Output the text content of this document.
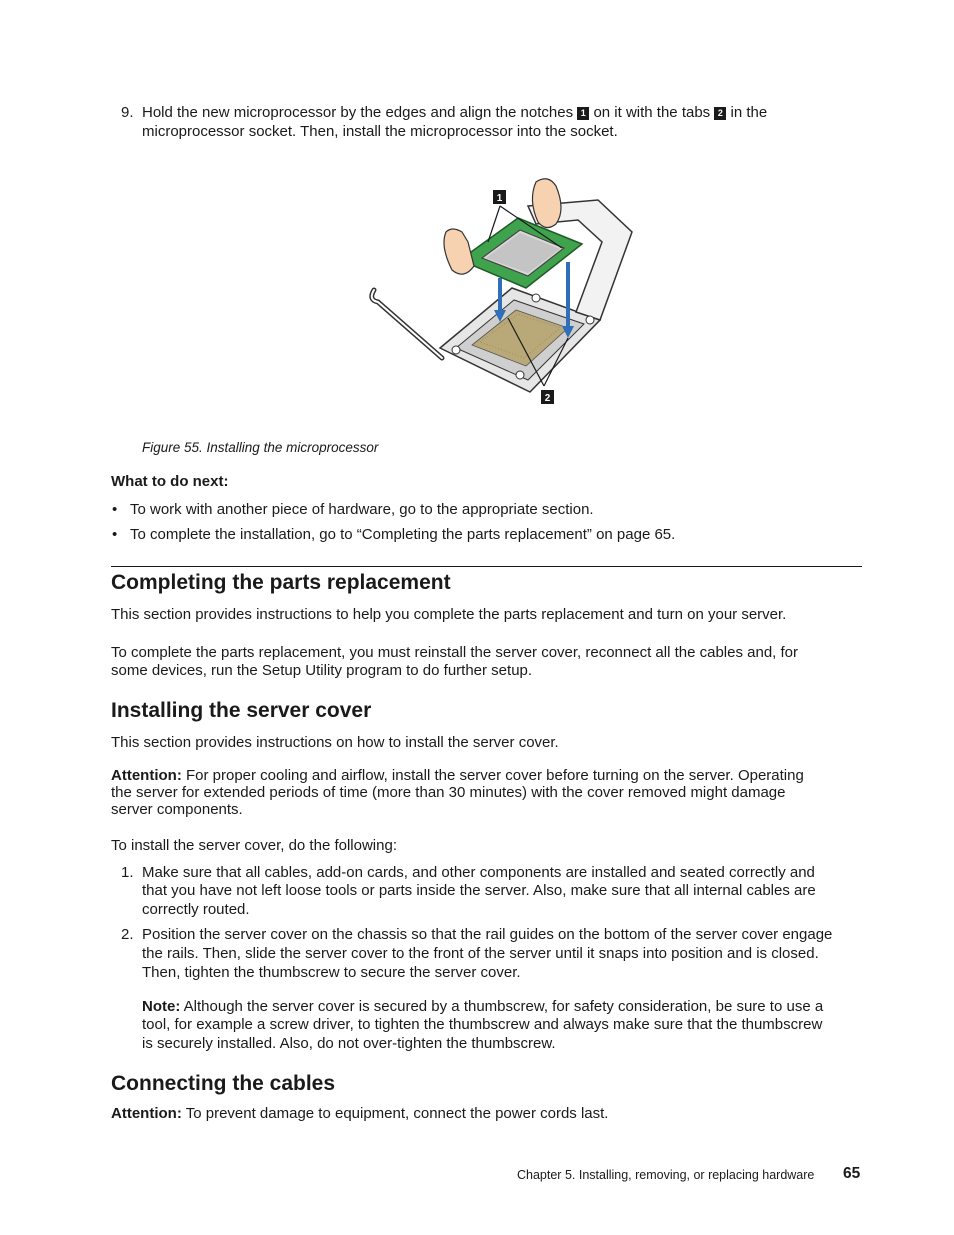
9. Hold the new microprocessor by the edges and align the notches 1 on it with the tabs 2 in the
microprocessor socket. Then, install the microprocessor into the socket.
1
2
Figure 55. Installing the microprocessor
What to do next:
• To work with another piece of hardware, go to the appropriate section.
• To complete the installation, go to “Completing the parts replacement” on page 65.
Completing the parts replacement
This section provides instructions to help you complete the parts replacement and turn on your server.
To complete the parts replacement, you must reinstall the server cover, reconnect all the cables and, for
some devices, run the Setup Utility program to do further setup.
Installing the server cover
This section provides instructions on how to install the server cover.
Attention: For proper cooling and airflow, install the server cover before turning on the server. Operating
the server for extended periods of time (more than 30 minutes) with the cover removed might damage
server components.
To install the server cover, do the following:
1. Make sure that all cables, add-on cards, and other components are installed and seated correctly and
that you have not left loose tools or parts inside the server. Also, make sure that all internal cables are
correctly routed.
2. Position the server cover on the chassis so that the rail guides on the bottom of the server cover engage
the rails. Then, slide the server cover to the front of the server until it snaps into position and is closed.
Then, tighten the thumbscrew to secure the server cover.
Note: Although the server cover is secured by a thumbscrew, for safety consideration, be sure to use a
tool, for example a screw driver, to tighten the thumbscrew and always make sure that the thumbscrew
is securely installed. Also, do not over-tighten the thumbscrew.
Connecting the cables
Attention: To prevent damage to equipment, connect the power cords last.
Chapter 5. Installing, removing, or replacing hardware 65
